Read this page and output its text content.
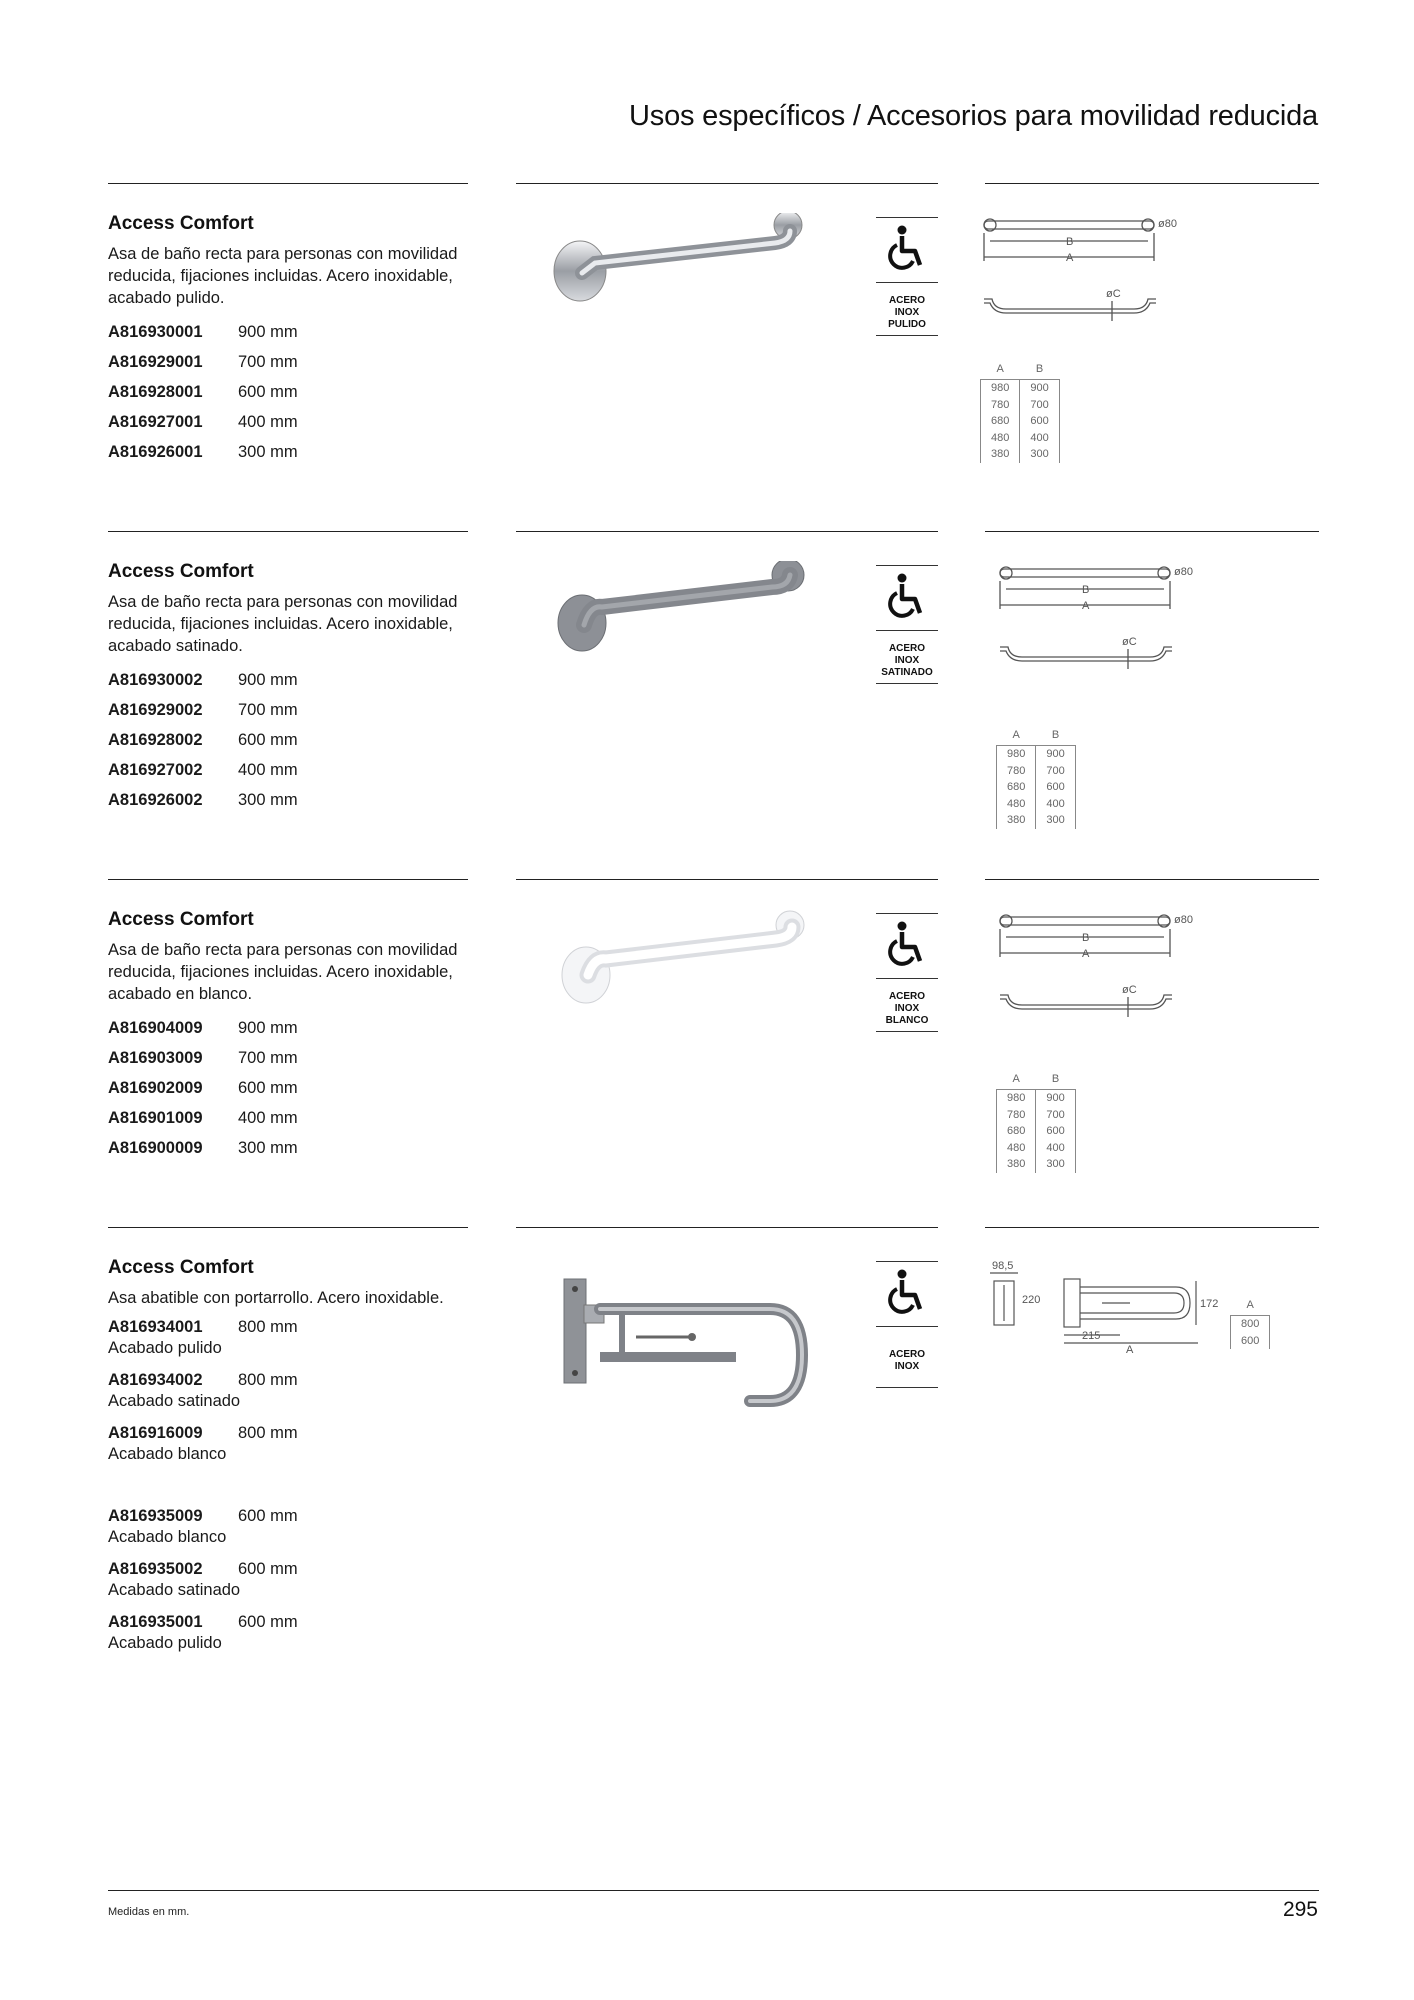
Usos específicos / Accesorios para movilidad reducida
Access Comfort
Asa de baño recta para personas con movilidad reducida, fijaciones incluidas. Acero inoxidable, acabado pulido.
A816930001	900 mm
A816929001	700 mm
A816928001	600 mm
A816927001	400 mm
A816926001	300 mm
ACERO
INOX
PULIDO
ø80
B
A
øC
A	B
980	900
780	700
680	600
480	400
380	300
Access Comfort
Asa de baño recta para personas con movilidad reducida, fijaciones incluidas. Acero inoxidable, acabado satinado.
A816930002	900 mm
A816929002	700 mm
A816928002	600 mm
A816927002	400 mm
A816926002	300 mm
ACERO
INOX
SATINADO
ø80
B
A
øC
A	B
980	900
780	700
680	600
480	400
380	300
Access Comfort
Asa de baño recta para personas con movilidad reducida, fijaciones incluidas. Acero inoxidable, acabado en blanco.
A816904009	900 mm
A816903009	700 mm
A816902009	600 mm
A816901009	400 mm
A816900009	300 mm
ACERO
INOX
BLANCO
ø80
B
A
øC
A	B
980	900
780	700
680	600
480	400
380	300
Access Comfort
Asa abatible con portarrollo. Acero inoxidable.
A816934001	800 mm
Acabado pulido
A816934002	800 mm
Acabado satinado
A816916009	800 mm
Acabado blanco
A816935009	600 mm
Acabado blanco
A816935002	600 mm
Acabado satinado
A816935001	600 mm
Acabado pulido
ACERO
INOX
98,5
220	172
215
A
A
800
600
Medidas en mm.	295
